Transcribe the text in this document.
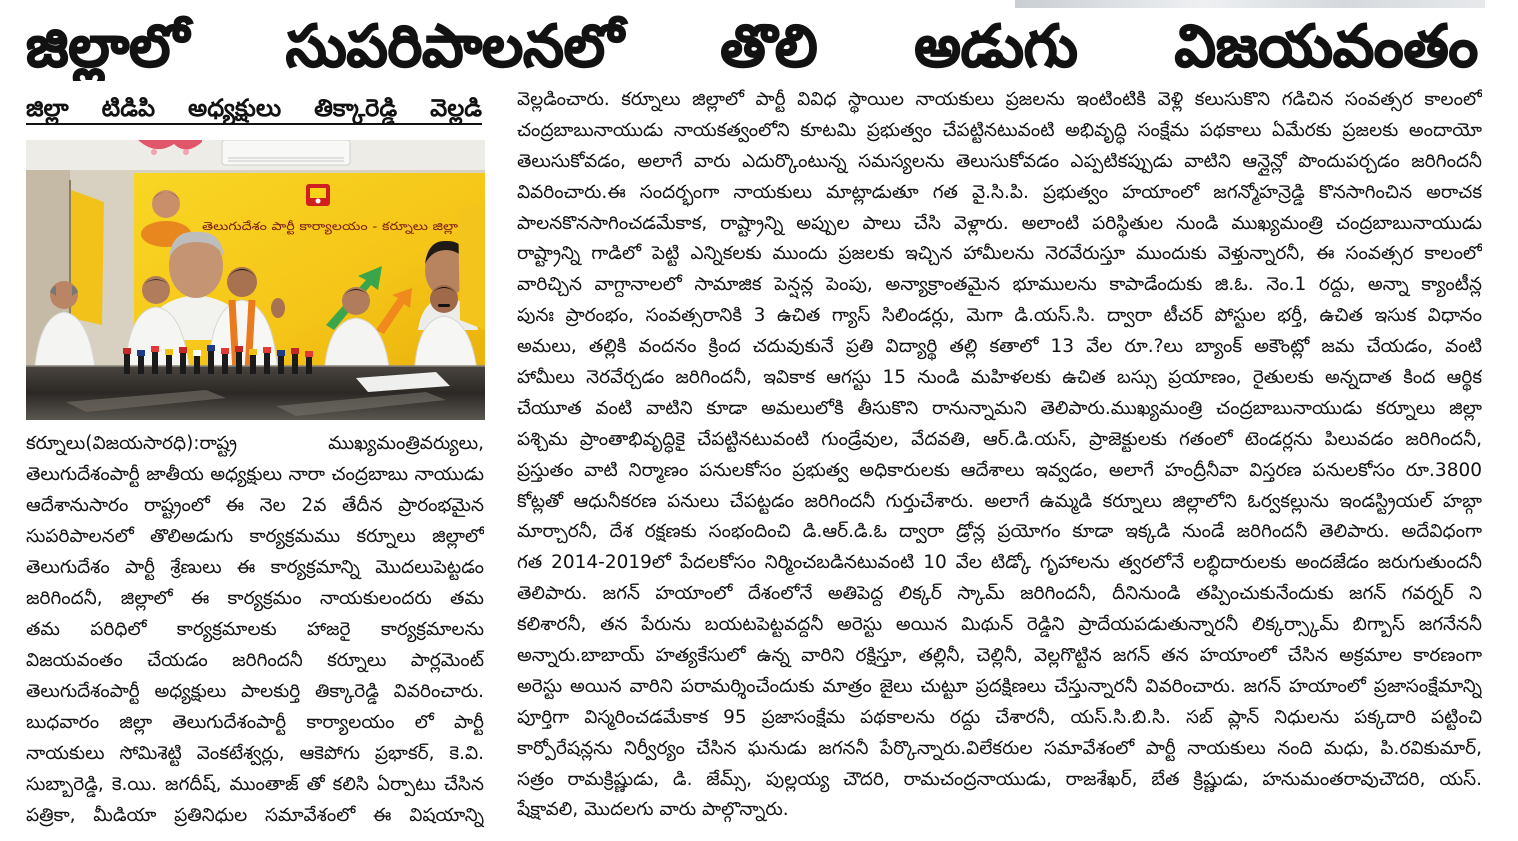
జిల్లాలో సుపరిపాలనలో తొలి అడుగు విజయవంతం
జిల్లా టిడిపి అధ్యక్షులు తిక్కారెడ్డి వెల్లడి
తెలుగుదేశం పార్టీ కార్యాలయం - కర్నూలు జిల్లా
కర్నూలు(విజయసారధి):రాష్ట్ర ముఖ్యమంత్రివర్యులు,
తెలుగుదేశంపార్టీ జాతీయ అధ్యక్షులు నారా చంద్రబాబు నాయుడు
ఆదేశానుసారం రాష్ట్రంలో ఈ నెల 2వ తేదీన ప్రారంభమైన
సుపరిపాలనలో తొలిఅడుగు కార్యక్రమము కర్నూలు జిల్లాలో
తెలుగుదేశం పార్టీ శ్రేణులు ఈ కార్యక్రమాన్ని మొదలుపెట్టడం
జరిగిందనీ, జిల్లాలో ఈ కార్యక్రమం నాయకులందరు తమ
తమ పరిధిలో కార్యక్రమాలకు హాజరై కార్యక్రమాలను
విజయవంతం చేయడం జరిగిందనీ కర్నూలు పార్లమెంట్
తెలుగుదేశంపార్టీ అధ్యక్షులు పాలకుర్తి తిక్కారెడ్డి వివరించారు.
బుధవారం జిల్లా తెలుగుదేశంపార్టీ కార్యాలయం లో పార్టీ
నాయకులు సోమిశెట్టి వెంకటేశ్వర్లు, ఆకెపోగు ప్రభాకర్, కె.వి.
సుబ్బారెడ్డి, కె.యి. జగదీష్, ముంతాజ్ తో కలిసి ఏర్పాటు చేసిన
పత్రికా, మీడియా ప్రతినిధుల సమావేశంలో ఈ విషయాన్ని
వెల్లడించారు. కర్నూలు జిల్లాలో పార్టీ వివిధ స్థాయిల నాయకులు ప్రజలను ఇంటింటికి వెళ్లి కలుసుకొని గడిచిన సంవత్సర కాలంలో
చంద్రబాబునాయుడు నాయకత్వంలోని కూటమి ప్రభుత్వం చేపట్టినటువంటి అభివృద్ధి సంక్షేమ పథకాలు ఏమేరకు ప్రజలకు అందాయో
తెలుసుకోవడం, అలాగే వారు ఎదుర్కొంటున్న సమస్యలను తెలుసుకోవడం ఎప్పటికప్పుడు వాటిని ఆన్లైన్లో పొందుపర్చడం జరిగిందనీ
వివరించారు.ఈ సందర్భంగా నాయకులు మాట్లాడుతూ గత వై.సి.పి. ప్రభుత్వం హయాంలో జగన్మోహన్రెడ్డి కొనసాగించిన అరాచక
పాలనకొనసాగించడమేకాక, రాష్ట్రాన్ని అప్పుల పాలు చేసి వెళ్లారు. అలాంటి పరిస్థితుల నుండి ముఖ్యమంత్రి చంద్రబాబునాయుడు
రాష్ట్రాన్ని గాడిలో పెట్టి ఎన్నికలకు ముందు ప్రజలకు ఇచ్చిన హామీలను నెరవేరుస్తూ ముందుకు వెళ్తున్నారనీ, ఈ సంవత్సర కాలంలో
వారిచ్చిన వాగ్దానాలలో సామాజిక పెన్షన్ల పెంపు, అన్యాక్రాంతమైన భూములను కాపాడేందుకు జి.ఓ. నెం.1 రద్దు, అన్నా క్యాంటీన్ల
పునః ప్రారంభం, సంవత్సరానికి 3 ఉచిత గ్యాస్ సిలిండర్లు, మెగా డి.యస్.సి. ద్వారా టీచర్ పోస్టుల భర్తీ, ఉచిత ఇసుక విధానం
అమలు, తల్లికి వందనం క్రింద చదువుకునే ప్రతి విద్యార్థి తల్లి కతాలో 13 వేల రూ.?లు బ్యాంక్ అకౌంట్లో జమ చేయడం, వంటి
హామీలు నెరవేర్చడం జరిగిందనీ, ఇవికాక ఆగస్టు 15 నుండి మహిళలకు ఉచిత బస్సు ప్రయాణం, రైతులకు అన్నదాత కింద ఆర్థిక
చేయూత వంటి వాటిని కూడా అమలులోకి తీసుకొని రానున్నామని తెలిపారు.ముఖ్యమంత్రి చంద్రబాబునాయుడు కర్నూలు జిల్లా
పశ్చిమ ప్రాంతాభివృద్ధికై చేపట్టినటువంటి గుండ్రేవుల, వేదవతి, ఆర్.డి.యస్, ప్రాజెక్టులకు గతంలో టెండర్లను పిలువడం జరిగిందనీ,
ప్రస్తుతం వాటి నిర్మాణం పనులకోసం ప్రభుత్వ అధికారులకు ఆదేశాలు ఇవ్వడం, అలాగే హంద్రీనీవా విస్తరణ పనులకోసం రూ.3800
కోట్లతో ఆధునీకరణ పనులు చేపట్టడం జరిగిందనీ గుర్తుచేశారు. అలాగే ఉమ్మడి కర్నూలు జిల్లాలోని ఓర్వకల్లును ఇండస్ట్రియల్ హబ్గా
మార్చారనీ, దేశ రక్షణకు సంభందించి డి.ఆర్.డి.ఓ ద్వారా డ్రోన్ల ప్రయోగం కూడా ఇక్కడి నుండే జరిగిందనీ తెలిపారు. అదేవిధంగా
గత 2014-2019లో పేదలకోసం నిర్మించబడినటువంటి 10 వేల టిడ్కో గృహాలను త్వరలోనే లబ్ధిదారులకు అందజేడం జరుగుతుందనీ
తెలిపారు. జగన్ హయాంలో దేశంలోనే అతిపెద్ద లిక్కర్ స్కామ్ జరిగిందనీ, దీనినుండి తప్పించుకునేందుకు జగన్ గవర్నర్ ని
కలిశారనీ, తన పేరును బయటపెట్టవద్దనీ అరెస్టు అయిన మిథున్ రెడ్డిని ప్రాదేయపడుతున్నారనీ లిక్కర్స్కామ్ బిగ్బాస్ జగనేననీ
అన్నారు.బాబాయ్ హత్యకేసులో ఉన్న వారిని రక్షిస్తూ, తల్లినీ, చెల్లినీ, వెల్లగొట్టిన జగన్ తన హయాంలో చేసిన అక్రమాల కారణంగా
అరెస్టు అయిన వారిని పరామర్శించేందుకు మాత్రం జైలు చుట్టూ ప్రదక్షిణలు చేస్తున్నారనీ వివరించారు. జగన్ హయాంలో ప్రజాసంక్షేమాన్ని
పూర్తిగా విస్మరించడమేకాక 95 ప్రజాసంక్షేమ పథకాలను రద్దు చేశారనీ, యస్.సి.బి.సి. సబ్ ప్లాన్ నిధులను పక్కదారి పట్టించి
కార్పోరేషన్లను నిర్వీర్యం చేసిన ఘనుడు జగననీ పేర్కొన్నారు.విలేకరుల సమావేశంలో పార్టీ నాయకులు నంది మధు, పి.రవికుమార్,
సత్రం రామక్రిష్ణుడు, డి. జేమ్స్, పుల్లయ్య చౌదరి, రామచంద్రనాయుడు, రాజశేఖర్, బేత క్రిష్ణుడు, హనుమంతరావుచౌదరి, యస్.
షేక్షావలి, మొదలగు వారు పాల్గొన్నారు.
